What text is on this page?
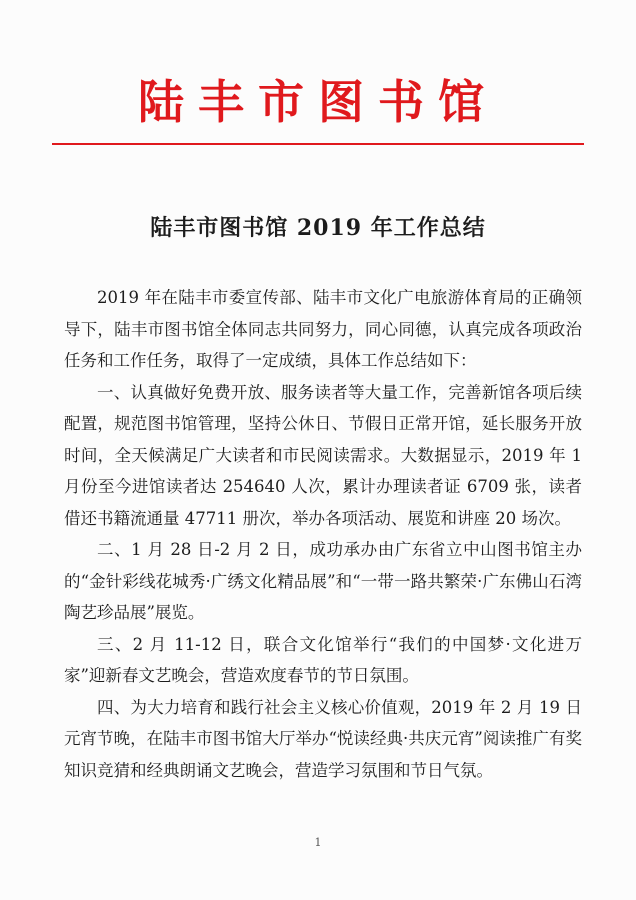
陆丰市图书馆
陆丰市图书馆 2019 年工作总结

2019 年在陆丰市委宣传部、陆丰市文化广电旅游体育局的正确领导下，陆丰市图书馆全体同志共同努力，同心同德，认真完成各项政治任务和工作任务，取得了一定成绩，具体工作总结如下：

一、认真做好免费开放、服务读者等大量工作，完善新馆各项后续配置，规范图书馆管理，坚持公休日、节假日正常开馆，延长服务开放时间，全天候满足广大读者和市民阅读需求。大数据显示，2019 年 1 月份至今进馆读者达 254640 人次，累计办理读者证 6709 张，读者借还书籍流通量 47711 册次，举办各项活动、展览和讲座 20 场次。

二、1 月 28 日-2 月 2 日，成功承办由广东省立中山图书馆主办的“金针彩线花城秀·广绣文化精品展”和“一带一路共繁荣·广东佛山石湾陶艺珍品展”展览。

三、2 月 11-12 日，联合文化馆举行“我们的中国梦·文化进万家”迎新春文艺晚会，营造欢度春节的节日氛围。

四、为大力培育和践行社会主义核心价值观，2019 年 2 月 19 日元宵节晚，在陆丰市图书馆大厅举办“悦读经典·共庆元宵”阅读推广有奖知识竞猜和经典朗诵文艺晚会，营造学习氛围和节日气氛。

1
